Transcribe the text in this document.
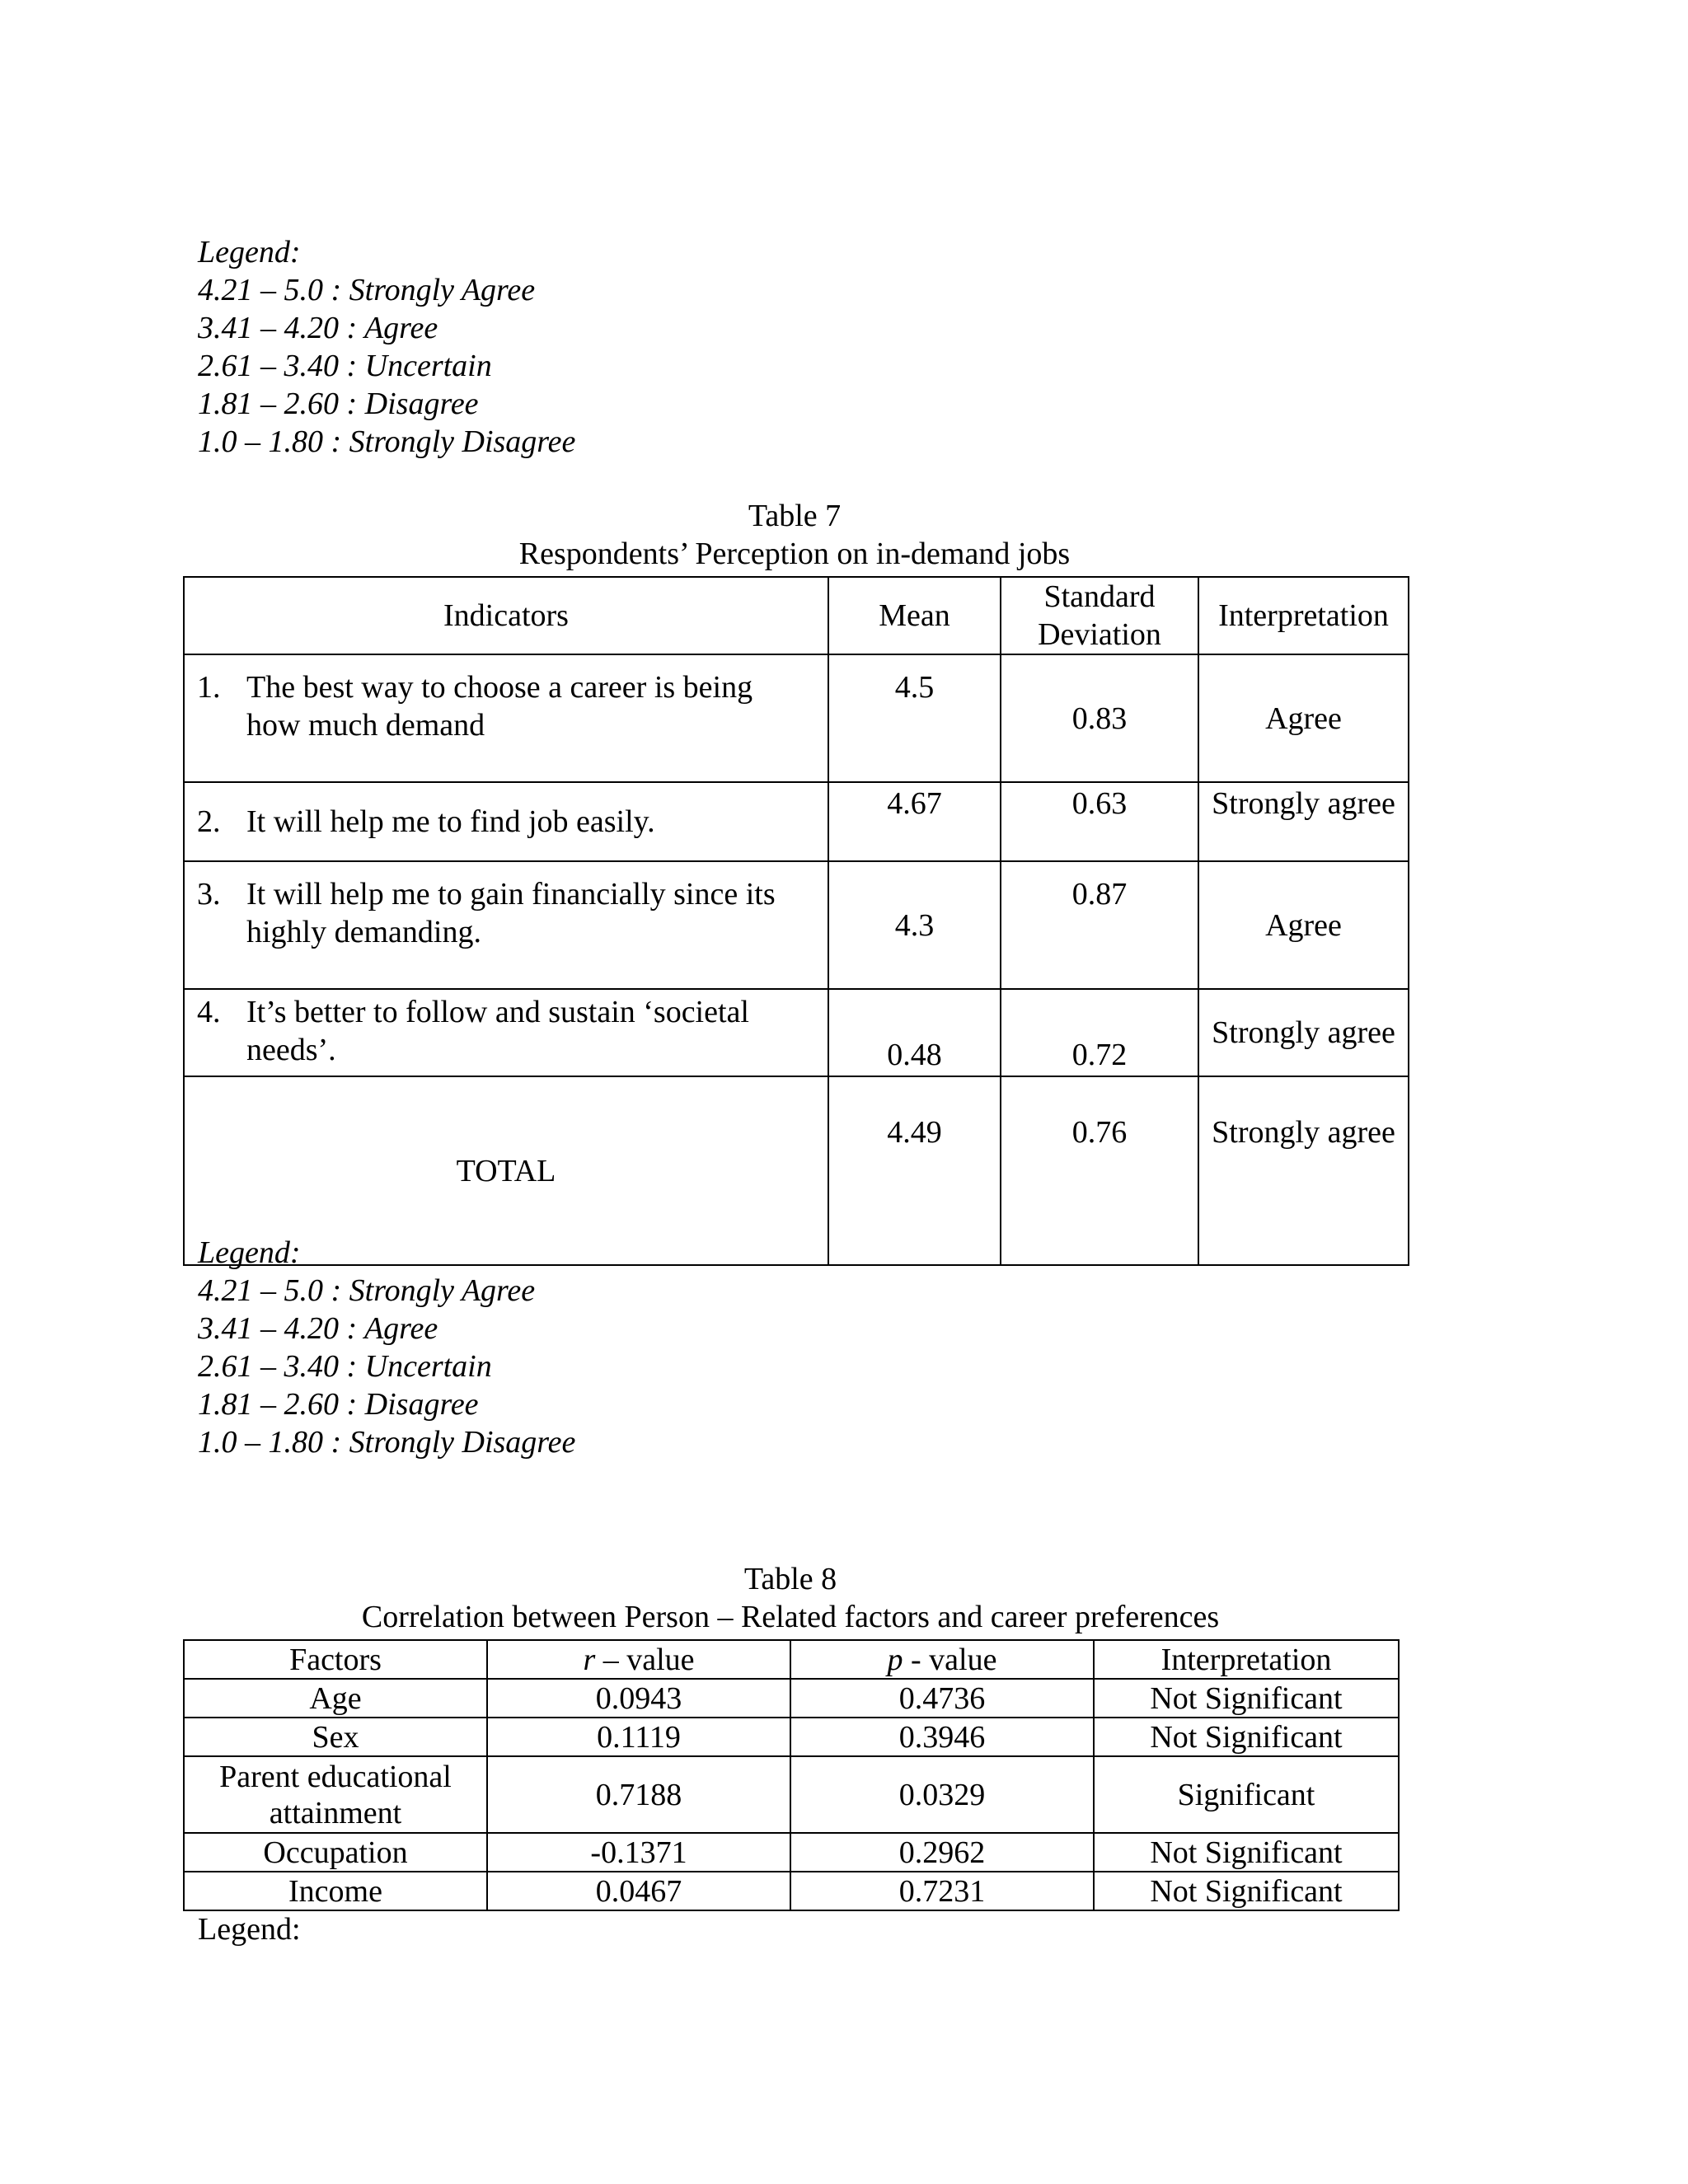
Legend:
4.21 – 5.0 : Strongly Agree
3.41 – 4.20 : Agree
2.61 – 3.40 : Uncertain
1.81 – 2.60 : Disagree
1.0 – 1.80 : Strongly Disagree
Table 7
Respondents’ Perception on in-demand jobs
Indicators	Mean	Standard Deviation	Interpretation

1. The best way to choose a career is being how much demand	4.5	0.83	Agree

2. It will help me to find job easily.	4.67	0.63	Strongly agree

3. It will help me to gain financially since its highly demanding.	4.3	0.87	Agree

4. It’s better to follow and sustain ‘societal needs’.	0.48	0.72	Strongly agree
TOTAL	4.49	0.76	Strongly agree
Legend:
4.21 – 5.0 : Strongly Agree
3.41 – 4.20 : Agree
2.61 – 3.40 : Uncertain
1.81 – 2.60 : Disagree
1.0 – 1.80 : Strongly Disagree
Table 8
Correlation between Person – Related factors and career preferences
Factors	r – value	p - value	Interpretation
Age	0.0943	0.4736	Not Significant
Sex	0.1119	0.3946	Not Significant
Parent educational attainment	0.7188	0.0329	Significant
Occupation	-0.1371	0.2962	Not Significant
Income	0.0467	0.7231	Not Significant
Legend:
